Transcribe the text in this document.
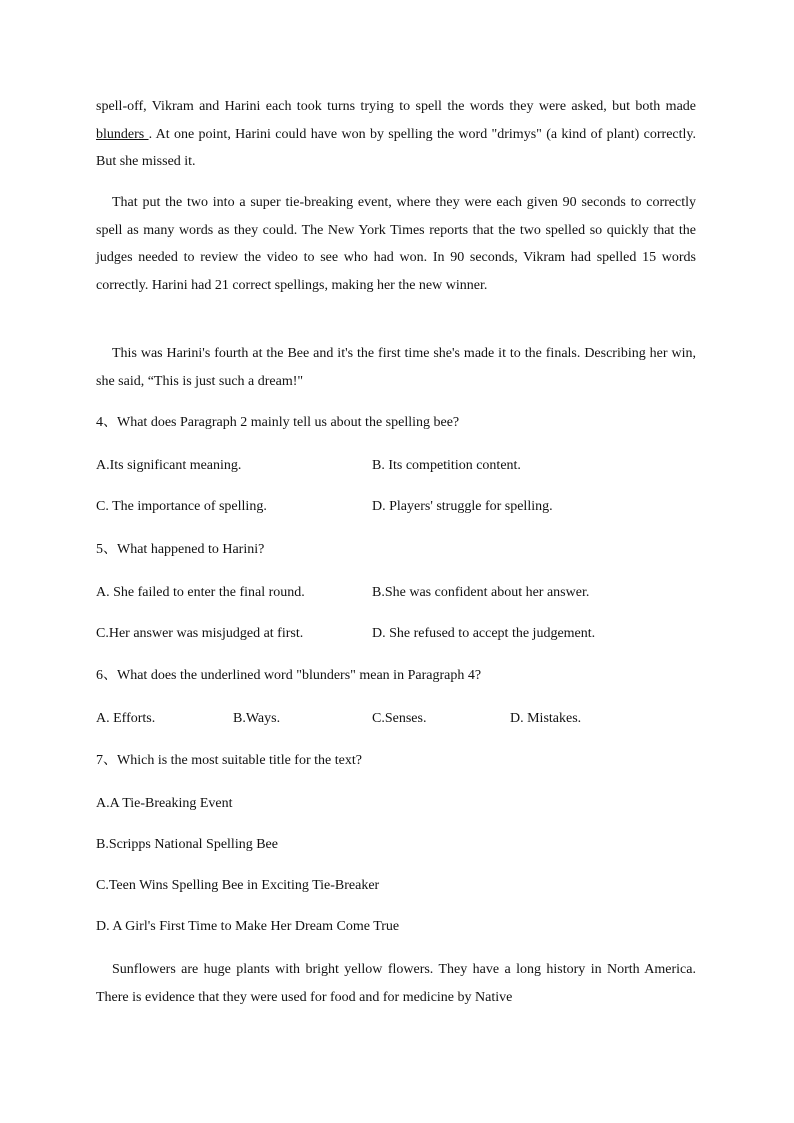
spell-off, Vikram and Harini each took turns trying to spell the words they were asked, but both made blunders . At one point, Harini could have won by spelling the word "drimys" (a kind of plant) correctly. But she missed it.

That put the two into a super tie-breaking event, where they were each given 90 seconds to correctly spell as many words as they could. The New York Times reports that the two spelled so quickly that the judges needed to review the video to see who had won. In 90 seconds, Vikram had spelled 15 words correctly. Harini had 21 correct spellings, making her the new winner.

This was Harini's fourth at the Bee and it's the first time she's made it to the finals. Describing her win, she said, “This is just such a dream!"

4、What does Paragraph 2 mainly tell us about the spelling bee?

A.Its significant meaning.	B. Its competition content.

C. The importance of spelling.	D. Players' struggle for spelling.

5、What happened to Harini?

A. She failed to enter the final round.	B.She was confident about her answer.

C.Her answer was misjudged at first.	D. She refused to accept the judgement.

6、What does the underlined word "blunders" mean in Paragraph 4?

A. Efforts.	B.Ways.	C.Senses.	D. Mistakes.

7、Which is the most suitable title for the text?

A.A Tie-Breaking Event

B.Scripps National Spelling Bee

C.Teen Wins Spelling Bee in Exciting Tie-Breaker

D. A Girl's First Time to Make Her Dream Come True

Sunflowers are huge plants with bright yellow flowers. They have a long history in North America. There is evidence that they were used for food and for medicine by Native
